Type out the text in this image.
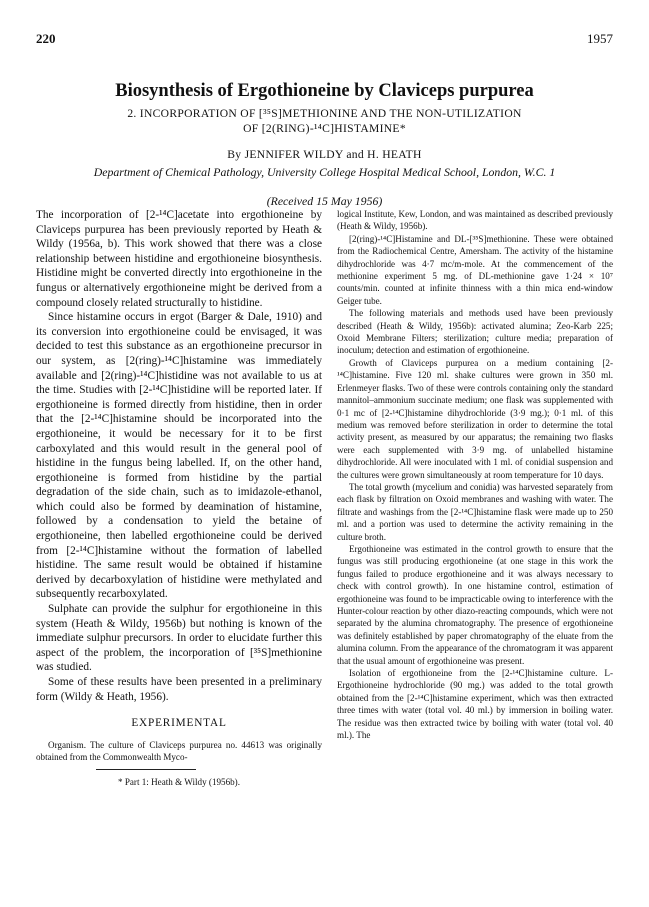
220	1957
Biosynthesis of Ergothioneine by Claviceps purpurea
2. INCORPORATION OF [³⁵S]METHIONINE AND THE NON-UTILIZATION
OF [2(RING)-¹⁴C]HISTAMINE*
By JENNIFER WILDY and H. HEATH
Department of Chemical Pathology, University College Hospital Medical School, London, W.C. 1
(Received 15 May 1956)

The incorporation of [2-¹⁴C]acetate into ergothioneine by Claviceps purpurea has been previously reported by Heath & Wildy (1956a, b). This work showed that there was a close relationship between histidine and ergothioneine biosynthesis. Histidine might be converted directly into ergothioneine in the fungus or alternatively ergothioneine might be derived from a compound closely related structurally to histidine.

Since histamine occurs in ergot (Barger & Dale, 1910) and its conversion into ergothioneine could be envisaged, it was decided to test this substance as an ergothioneine precursor in our system, as [2(ring)-¹⁴C]histamine was immediately available and [2(ring)-¹⁴C]histidine was not available to us at the time. Studies with [2-¹⁴C]histidine will be reported later. If ergothioneine is formed directly from histidine, then in order that the [2-¹⁴C]histamine should be incorporated into the ergothioneine, it would be necessary for it to be first carboxylated and this would result in the general pool of histidine in the fungus being labelled. If, on the other hand, ergothioneine is formed from histidine by the partial degradation of the side chain, such as to imidazole-ethanol, which could also be formed by deamination of histamine, followed by a condensation to yield the betaine of ergothioneine, then labelled ergothioneine could be derived from [2-¹⁴C]histamine without the formation of labelled histidine. The same result would be obtained if histamine derived by decarboxylation of histidine were methylated and subsequently recarboxylated.

Sulphate can provide the sulphur for ergothioneine in this system (Heath & Wildy, 1956b) but nothing is known of the immediate sulphur precursors. In order to elucidate further this aspect of the problem, the incorporation of [³⁵S]methionine was studied.

Some of these results have been presented in a preliminary form (Wildy & Heath, 1956).

EXPERIMENTAL

Organism. The culture of Claviceps purpurea no. 44613 was originally obtained from the Commonwealth Myco-

* Part 1: Heath & Wildy (1956b).

logical Institute, Kew, London, and was maintained as described previously (Heath & Wildy, 1956b).

[2(ring)-¹⁴C]Histamine and DL-[³⁵S]methionine. These were obtained from the Radiochemical Centre, Amersham. The activity of the histamine dihydrochloride was 4·7 mc/m-mole. At the commencement of the methionine experiment 5 mg. of DL-methionine gave 1·24 × 10⁷ counts/min. counted at infinite thinness with a thin mica end-window Geiger tube.

The following materials and methods used have been previously described (Heath & Wildy, 1956b): activated alumina; Zeo-Karb 225; Oxoid Membrane Filters; sterilization; culture media; preparation of inoculum; detection and estimation of ergothioneine.

Growth of Claviceps purpurea on a medium containing [2-¹⁴C]histamine. Five 120 ml. shake cultures were grown in 350 ml. Erlenmeyer flasks. Two of these were controls containing only the standard mannitol–ammonium succinate medium; one flask was supplemented with 0·1 mc of [2-¹⁴C]histamine dihydrochloride (3·9 mg.); 0·1 ml. of this medium was removed before sterilization in order to determine the total activity present, as measured by our apparatus; the remaining two flasks were each supplemented with 3·9 mg. of unlabelled histamine dihydrochloride. All were inoculated with 1 ml. of conidial suspension and the cultures were grown simultaneously at room temperature for 10 days.

The total growth (mycelium and conidia) was harvested separately from each flask by filtration on Oxoid membranes and washing with water. The filtrate and washings from the [2-¹⁴C]histamine flask were made up to 250 ml. and a portion was used to determine the activity remaining in the culture broth.

Ergothioneine was estimated in the control growth to ensure that the fungus was still producing ergothioneine (at one stage in this work the fungus failed to produce ergothioneine and it was always necessary to check with control growth). In one histamine control, estimation of ergothioneine was found to be impracticable owing to interference with the Hunter-colour reaction by other diazo-reacting compounds, which were not separated by the alumina chromatography. The presence of ergothioneine was definitely established by paper chromatography of the eluate from the alumina column. From the appearance of the chromatogram it was apparent that the usual amount of ergothioneine was present.

Isolation of ergothioneine from the [2-¹⁴C]histamine culture. L-Ergothioneine hydrochloride (90 mg.) was added to the total growth obtained from the [2-¹⁴C]histamine experiment, which was then extracted three times with water (total vol. 40 ml.) by immersion in boiling water. The residue was then extracted twice by boiling with water (total vol. 40 ml.). The
